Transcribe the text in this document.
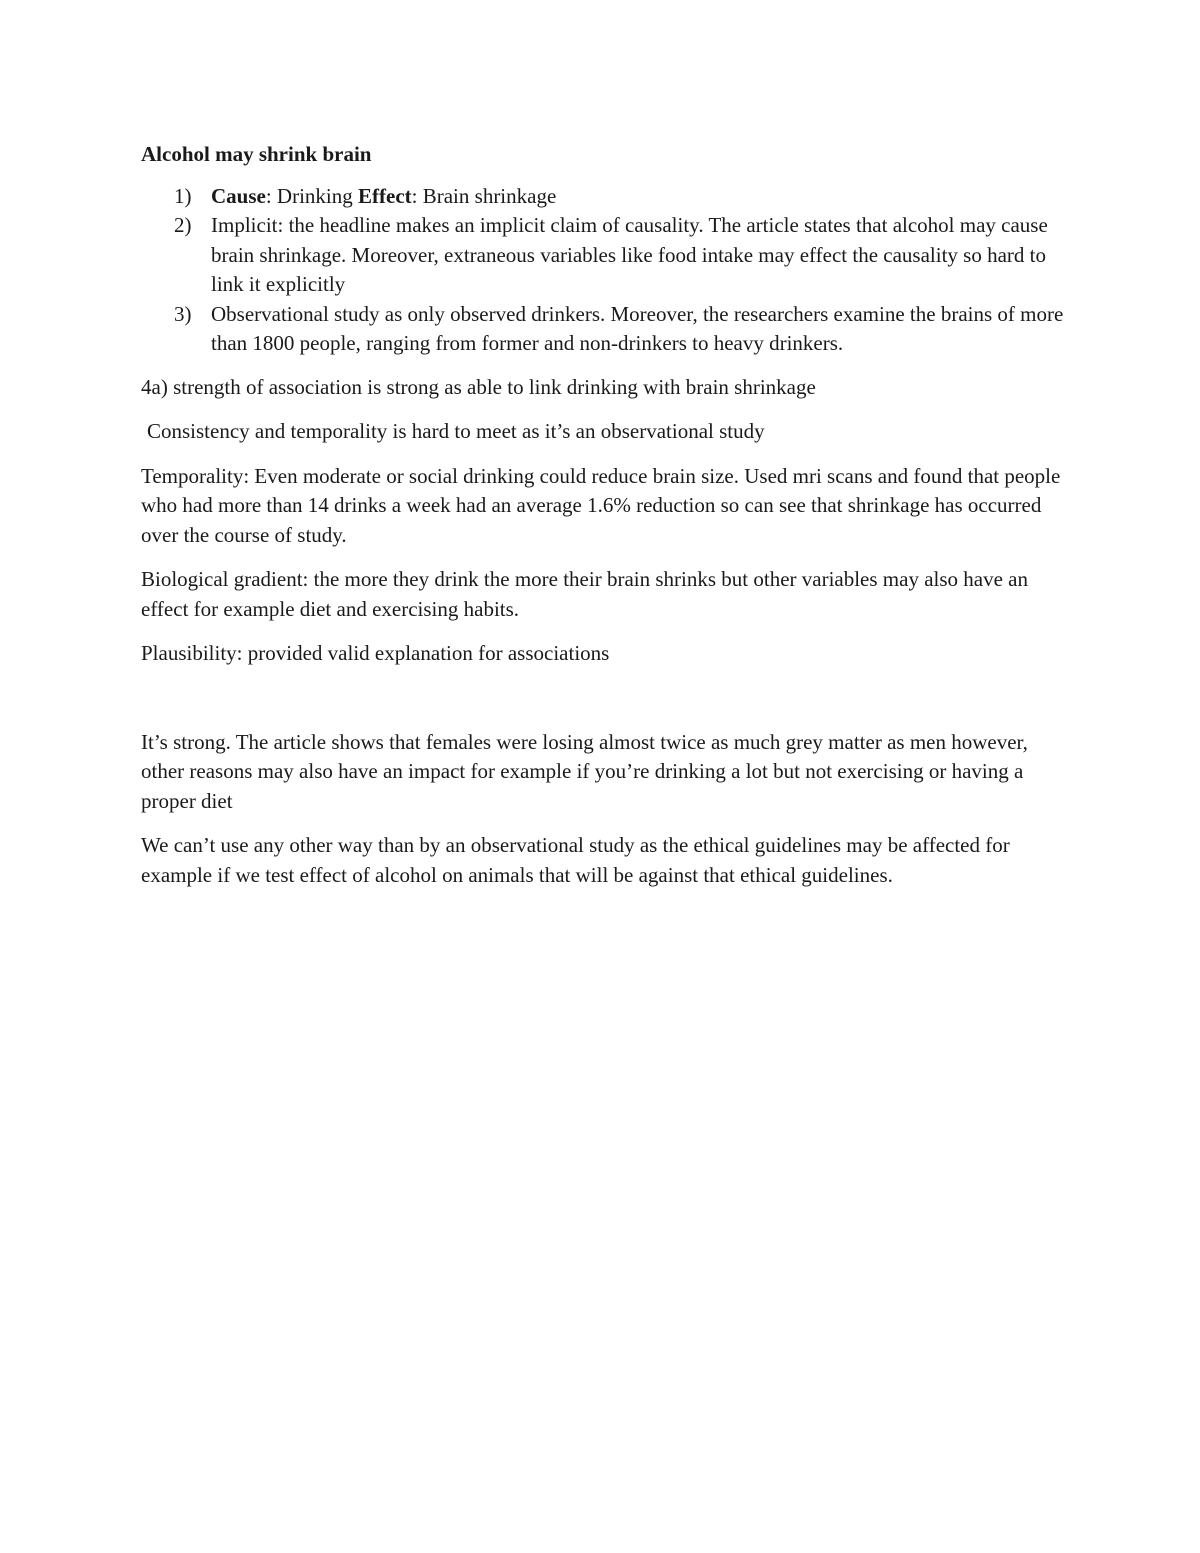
Alcohol may shrink brain
1) Cause: Drinking Effect: Brain shrinkage
2) Implicit: the headline makes an implicit claim of causality. The article states that alcohol may cause brain shrinkage. Moreover, extraneous variables like food intake may effect the causality so hard to link it explicitly
3) Observational study as only observed drinkers. Moreover, the researchers examine the brains of more than 1800 people, ranging from former and non-drinkers to heavy drinkers.

4a) strength of association is strong as able to link drinking with brain shrinkage

Consistency and temporality is hard to meet as it’s an observational study

Temporality: Even moderate or social drinking could reduce brain size. Used mri scans and found that people who had more than 14 drinks a week had an average 1.6% reduction so can see that shrinkage has occurred over the course of study.

Biological gradient: the more they drink the more their brain shrinks but other variables may also have an effect for example diet and exercising habits.

Plausibility: provided valid explanation for associations

It’s strong. The article shows that females were losing almost twice as much grey matter as men however, other reasons may also have an impact for example if you’re drinking a lot but not exercising or having a proper diet

We can’t use any other way than by an observational study as the ethical guidelines may be affected for example if we test effect of alcohol on animals that will be against that ethical guidelines.
